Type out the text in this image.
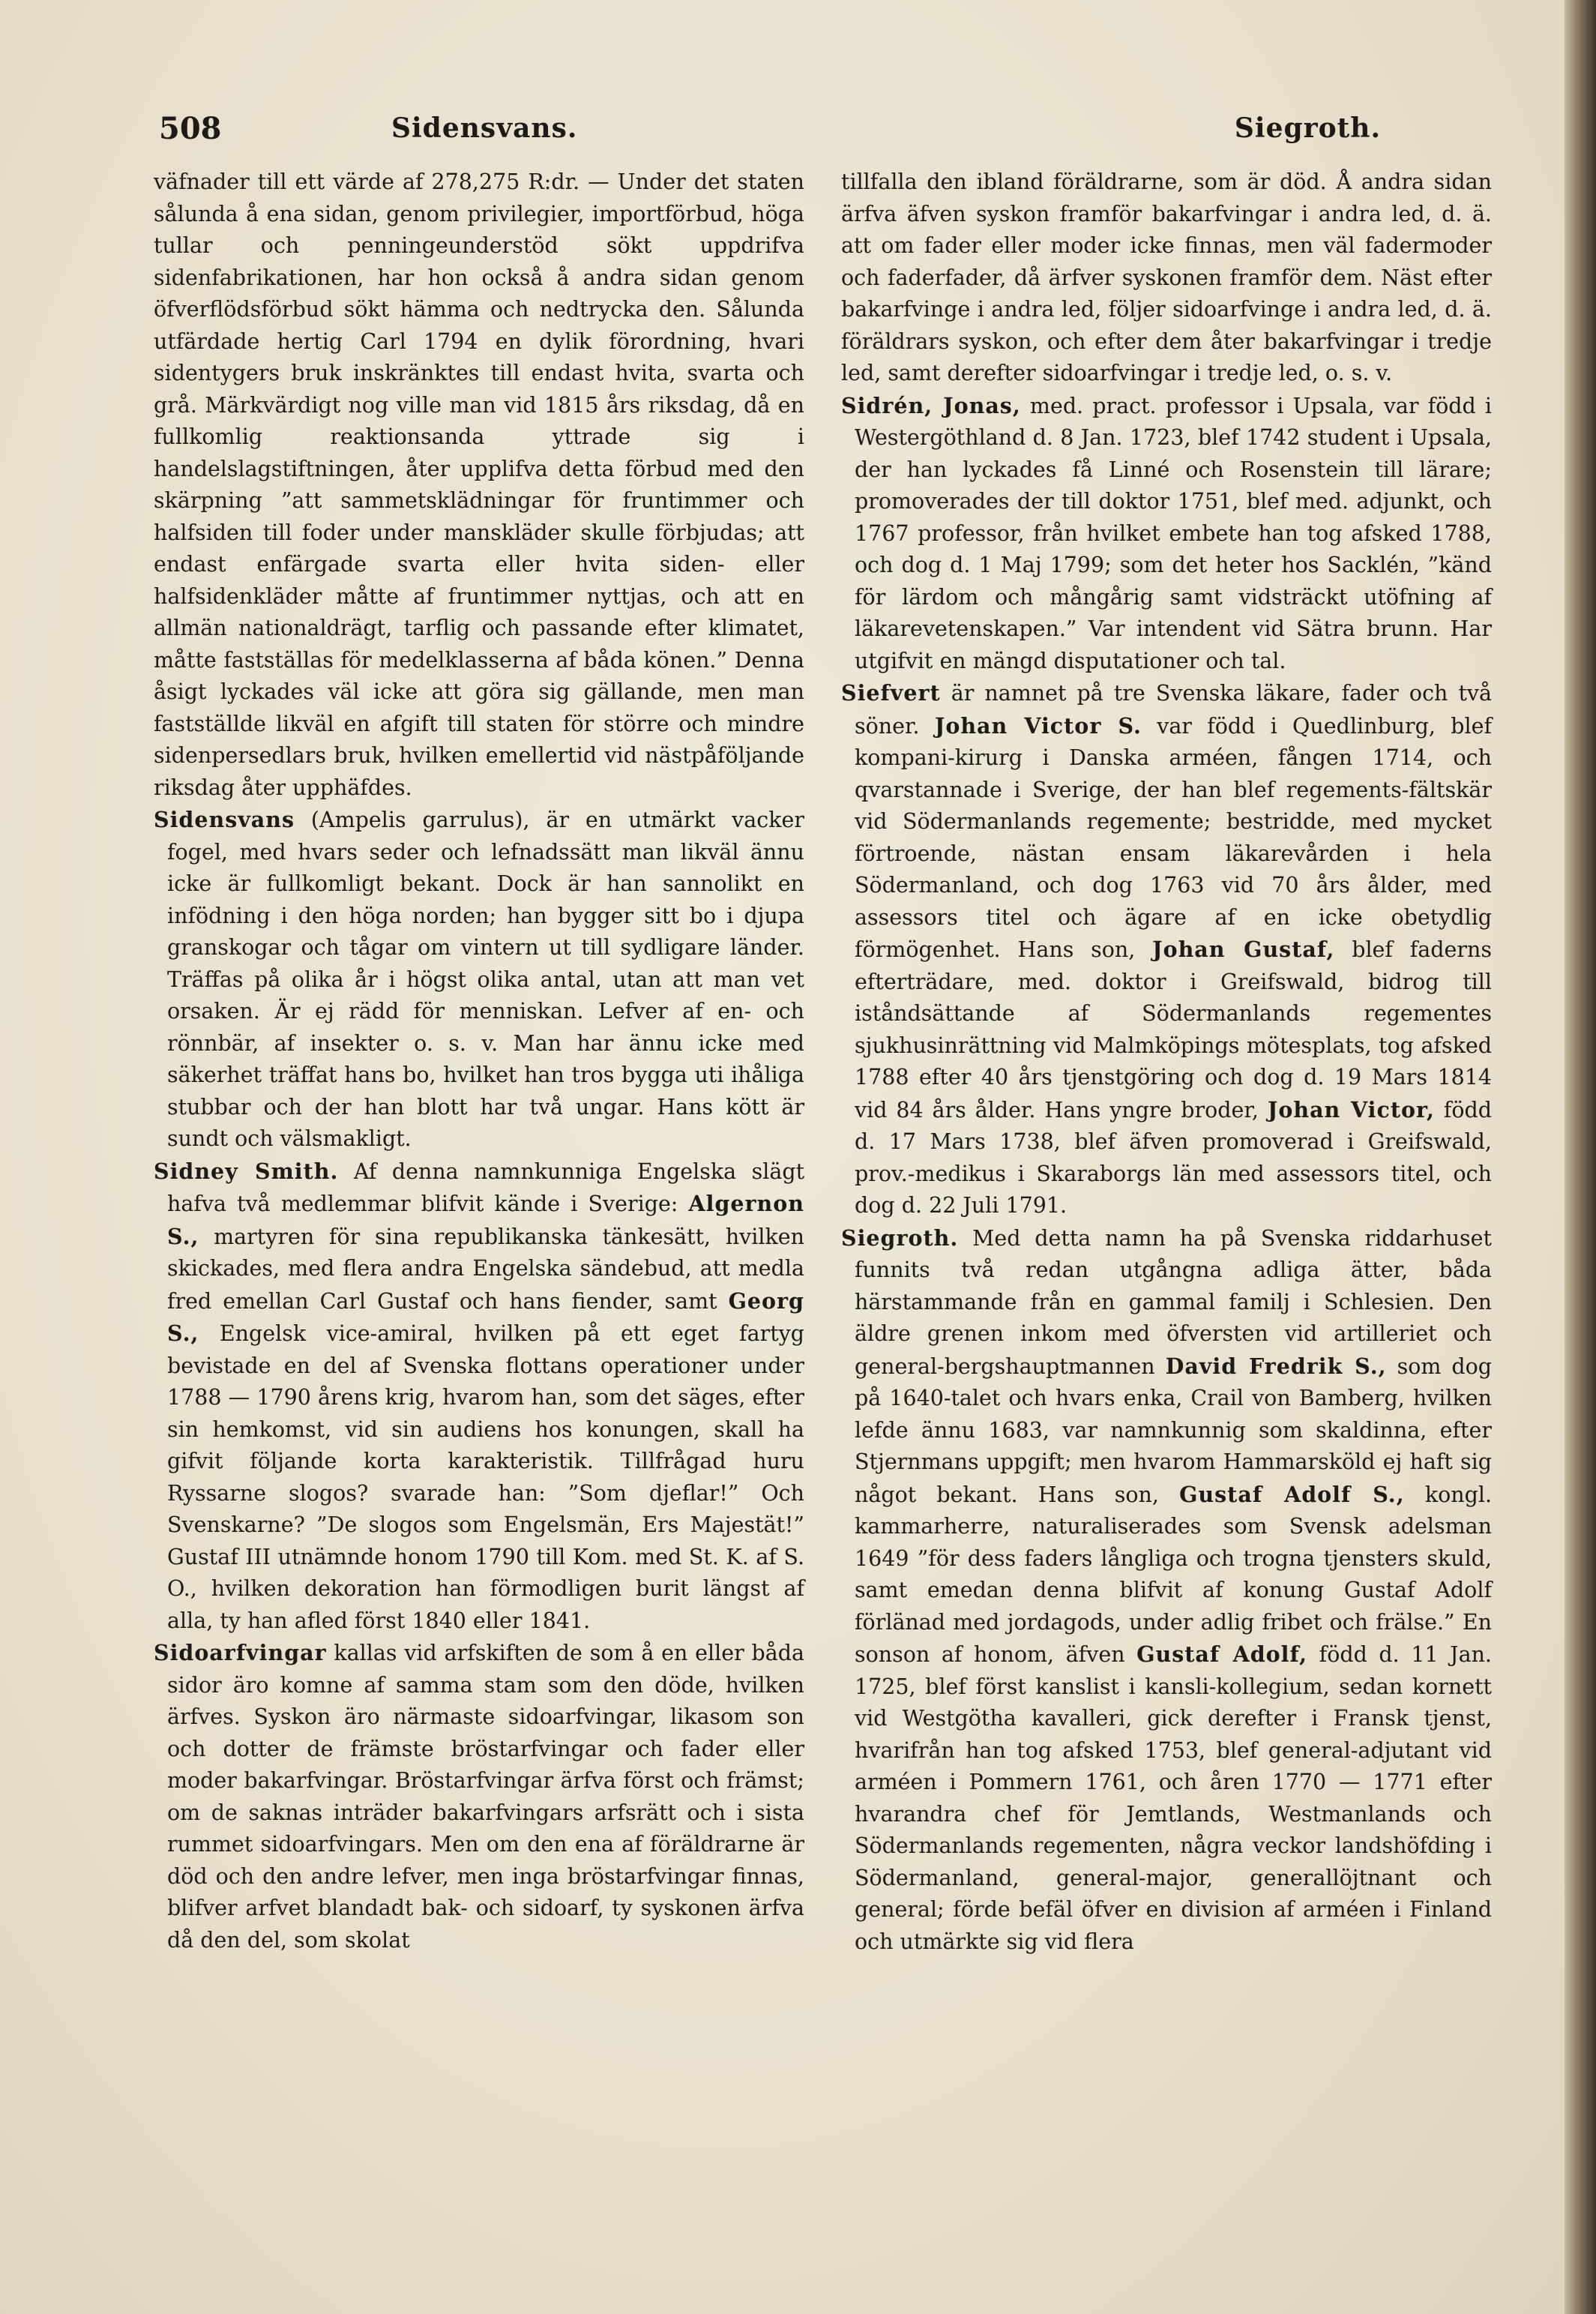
508	Sidensvans.	Siegroth.

väfnader till ett värde af 278,275 R:dr. — Under det staten sålunda å ena sidan, genom privilegier, importförbud, höga tullar och penningeunderstöd sökt uppdrifva sidenfabrikationen, har hon också å andra sidan genom öfverflödsförbud sökt hämma och nedtrycka den. Sålunda utfärdade hertig Carl 1794 en dylik förordning, hvari sidentygers bruk inskränktes till endast hvita, svarta och grå. Märkvärdigt nog ville man vid 1815 års riksdag, då en fullkomlig reaktionsanda yttrade sig i handelslagstiftningen, åter upplifva detta förbud med den skärpning ”att sammetsklädningar för fruntimmer och halfsiden till foder under manskläder skulle förbjudas; att endast enfärgade svarta eller hvita siden- eller halfsidenkläder måtte af fruntimmer nyttjas, och att en allmän nationaldrägt, tarflig och passande efter klimatet, måtte fastställas för medelklasserna af båda könen.” Denna åsigt lyckades väl icke att göra sig gällande, men man fastställde likväl en afgift till staten för större och mindre sidenpersedlars bruk, hvilken emellertid vid nästpåföljande riksdag åter upphäfdes.

Sidensvans (Ampelis garrulus), är en utmärkt vacker fogel, med hvars seder och lefnadssätt man likväl ännu icke är fullkomligt bekant. Dock är han sannolikt en infödning i den höga norden; han bygger sitt bo i djupa granskogar och tågar om vintern ut till sydligare länder. Träffas på olika år i högst olika antal, utan att man vet orsaken. Är ej rädd för menniskan. Lefver af en- och rönnbär, af insekter o. s. v. Man har ännu icke med säkerhet träffat hans bo, hvilket han tros bygga uti ihåliga stubbar och der han blott har två ungar. Hans kött är sundt och välsmakligt.

Sidney Smith. Af denna namnkunniga Engelska slägt hafva två medlemmar blifvit kände i Sverige: Algernon S., martyren för sina republikanska tänkesätt, hvilken skickades, med flera andra Engelska sändebud, att medla fred emellan Carl Gustaf och hans fiender, samt Georg S., Engelsk vice-amiral, hvilken på ett eget fartyg bevistade en del af Svenska flottans operationer under 1788 — 1790 årens krig, hvarom han, som det säges, efter sin hemkomst, vid sin audiens hos konungen, skall ha gifvit följande korta karakteristik. Tillfrågad huru Ryssarne slogos? svarade han: ”Som djeflar!” Och Svenskarne? ”De slogos som Engelsmän, Ers Majestät!” Gustaf III utnämnde honom 1790 till Kom. med St. K. af S. O., hvilken dekoration han förmodligen burit längst af alla, ty han afled först 1840 eller 1841.

Sidoarfvingar kallas vid arfskiften de som å en eller båda sidor äro komne af samma stam som den döde, hvilken ärfves. Syskon äro närmaste sidoarfvingar, likasom son och dotter de främste bröstarfvingar och fader eller moder bakarfvingar. Bröstarfvingar ärfva först och främst; om de saknas inträder bakarfvingars arfsrätt och i sista rummet sidoarfvingars. Men om den ena af föräldrarne är död och den andre lefver, men inga bröstarfvingar finnas, blifver arfvet blandadt bak- och sidoarf, ty syskonen ärfva då den del, som skolat

tillfalla den ibland föräldrarne, som är död. Å andra sidan ärfva äfven syskon framför bakarfvingar i andra led, d. ä. att om fader eller moder icke finnas, men väl fadermoder och faderfader, då ärfver syskonen framför dem. Näst efter bakarfvinge i andra led, följer sidoarfvinge i andra led, d. ä. föräldrars syskon, och efter dem åter bakarfvingar i tredje led, samt derefter sidoarfvingar i tredje led, o. s. v.

Sidrén, Jonas, med. pract. professor i Upsala, var född i Westergöthland d. 8 Jan. 1723, blef 1742 student i Upsala, der han lyckades få Linné och Rosenstein till lärare; promoverades der till doktor 1751, blef med. adjunkt, och 1767 professor, från hvilket embete han tog afsked 1788, och dog d. 1 Maj 1799; som det heter hos Sacklén, ”känd för lärdom och mångårig samt vidsträckt utöfning af läkarevetenskapen.” Var intendent vid Sätra brunn. Har utgifvit en mängd disputationer och tal.

Siefvert är namnet på tre Svenska läkare, fader och två söner. Johan Victor S. var född i Quedlinburg, blef kompani-kirurg i Danska arméen, fången 1714, och qvarstannade i Sverige, der han blef regements-fältskär vid Södermanlands regemente; bestridde, med mycket förtroende, nästan ensam läkarevården i hela Södermanland, och dog 1763 vid 70 års ålder, med assessors titel och ägare af en icke obetydlig förmögenhet. Hans son, Johan Gustaf, blef faderns efterträdare, med. doktor i Greifswald, bidrog till iståndsättande af Södermanlands regementes sjukhusinrättning vid Malmköpings mötesplats, tog afsked 1788 efter 40 års tjenstgöring och dog d. 19 Mars 1814 vid 84 års ålder. Hans yngre broder, Johan Victor, född d. 17 Mars 1738, blef äfven promoverad i Greifswald, prov.-medikus i Skaraborgs län med assessors titel, och dog d. 22 Juli 1791.

Siegroth. Med detta namn ha på Svenska riddarhuset funnits två redan utgångna adliga ätter, båda härstammande från en gammal familj i Schlesien. Den äldre grenen inkom med öfversten vid artilleriet och general-bergshauptmannen David Fredrik S., som dog på 1640-talet och hvars enka, Crail von Bamberg, hvilken lefde ännu 1683, var namnkunnig som skaldinna, efter Stjernmans uppgift; men hvarom Hammarsköld ej haft sig något bekant. Hans son, Gustaf Adolf S., kongl. kammarherre, naturaliserades som Svensk adelsman 1649 ”för dess faders långliga och trogna tjensters skuld, samt emedan denna blifvit af konung Gustaf Adolf förlänad med jordagods, under adlig fribet och frälse.” En sonson af honom, äfven Gustaf Adolf, född d. 11 Jan. 1725, blef först kanslist i kansli-kollegium, sedan kornett vid Westgötha kavalleri, gick derefter i Fransk tjenst, hvarifrån han tog afsked 1753, blef general-adjutant vid arméen i Pommern 1761, och åren 1770 — 1771 efter hvarandra chef för Jemtlands, Westmanlands och Södermanlands regementen, några veckor landshöfding i Södermanland, general-major, generallöjtnant och general; förde befäl öfver en division af arméen i Finland och utmärkte sig vid flera
